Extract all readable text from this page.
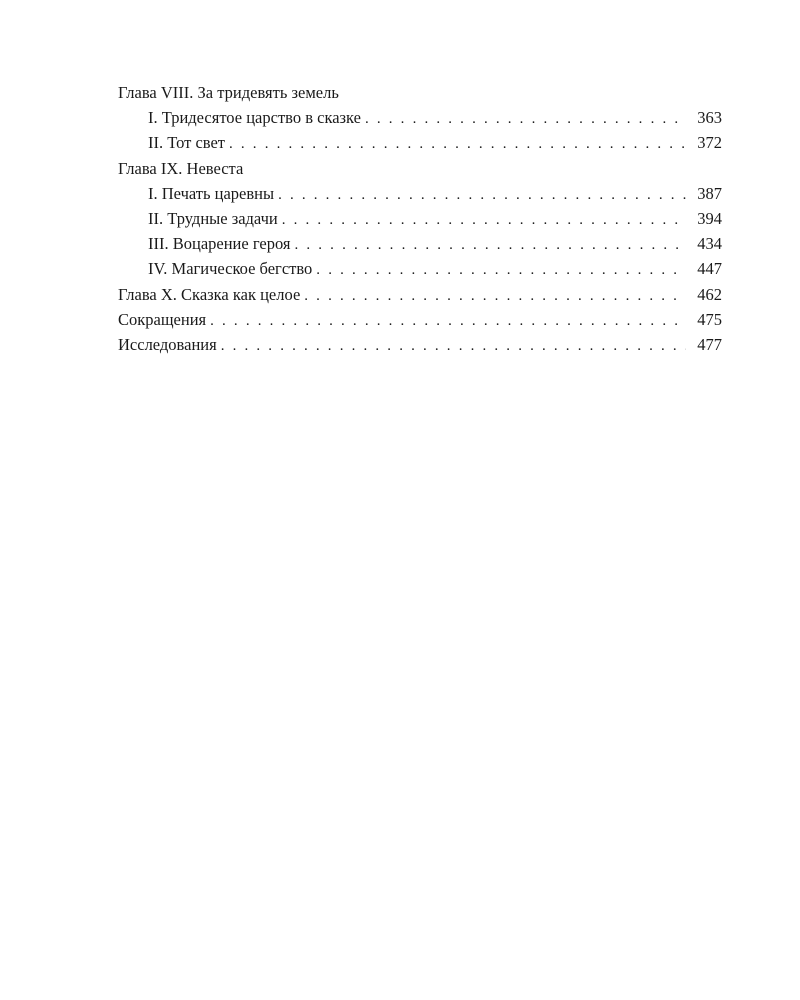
Глава VIII. За тридевять земель
I. Тридесятое царство в сказке . . .	363
II. Тот свет . . .	372
Глава IX. Невеста
I. Печать царевны . . .	387
II. Трудные задачи . . .	394
III. Воцарение героя . . .	434
IV. Магическое бегство . . .	447
Глава X. Сказка как целое . . .	462
Сокращения . . .	475
Исследования . . .	477
